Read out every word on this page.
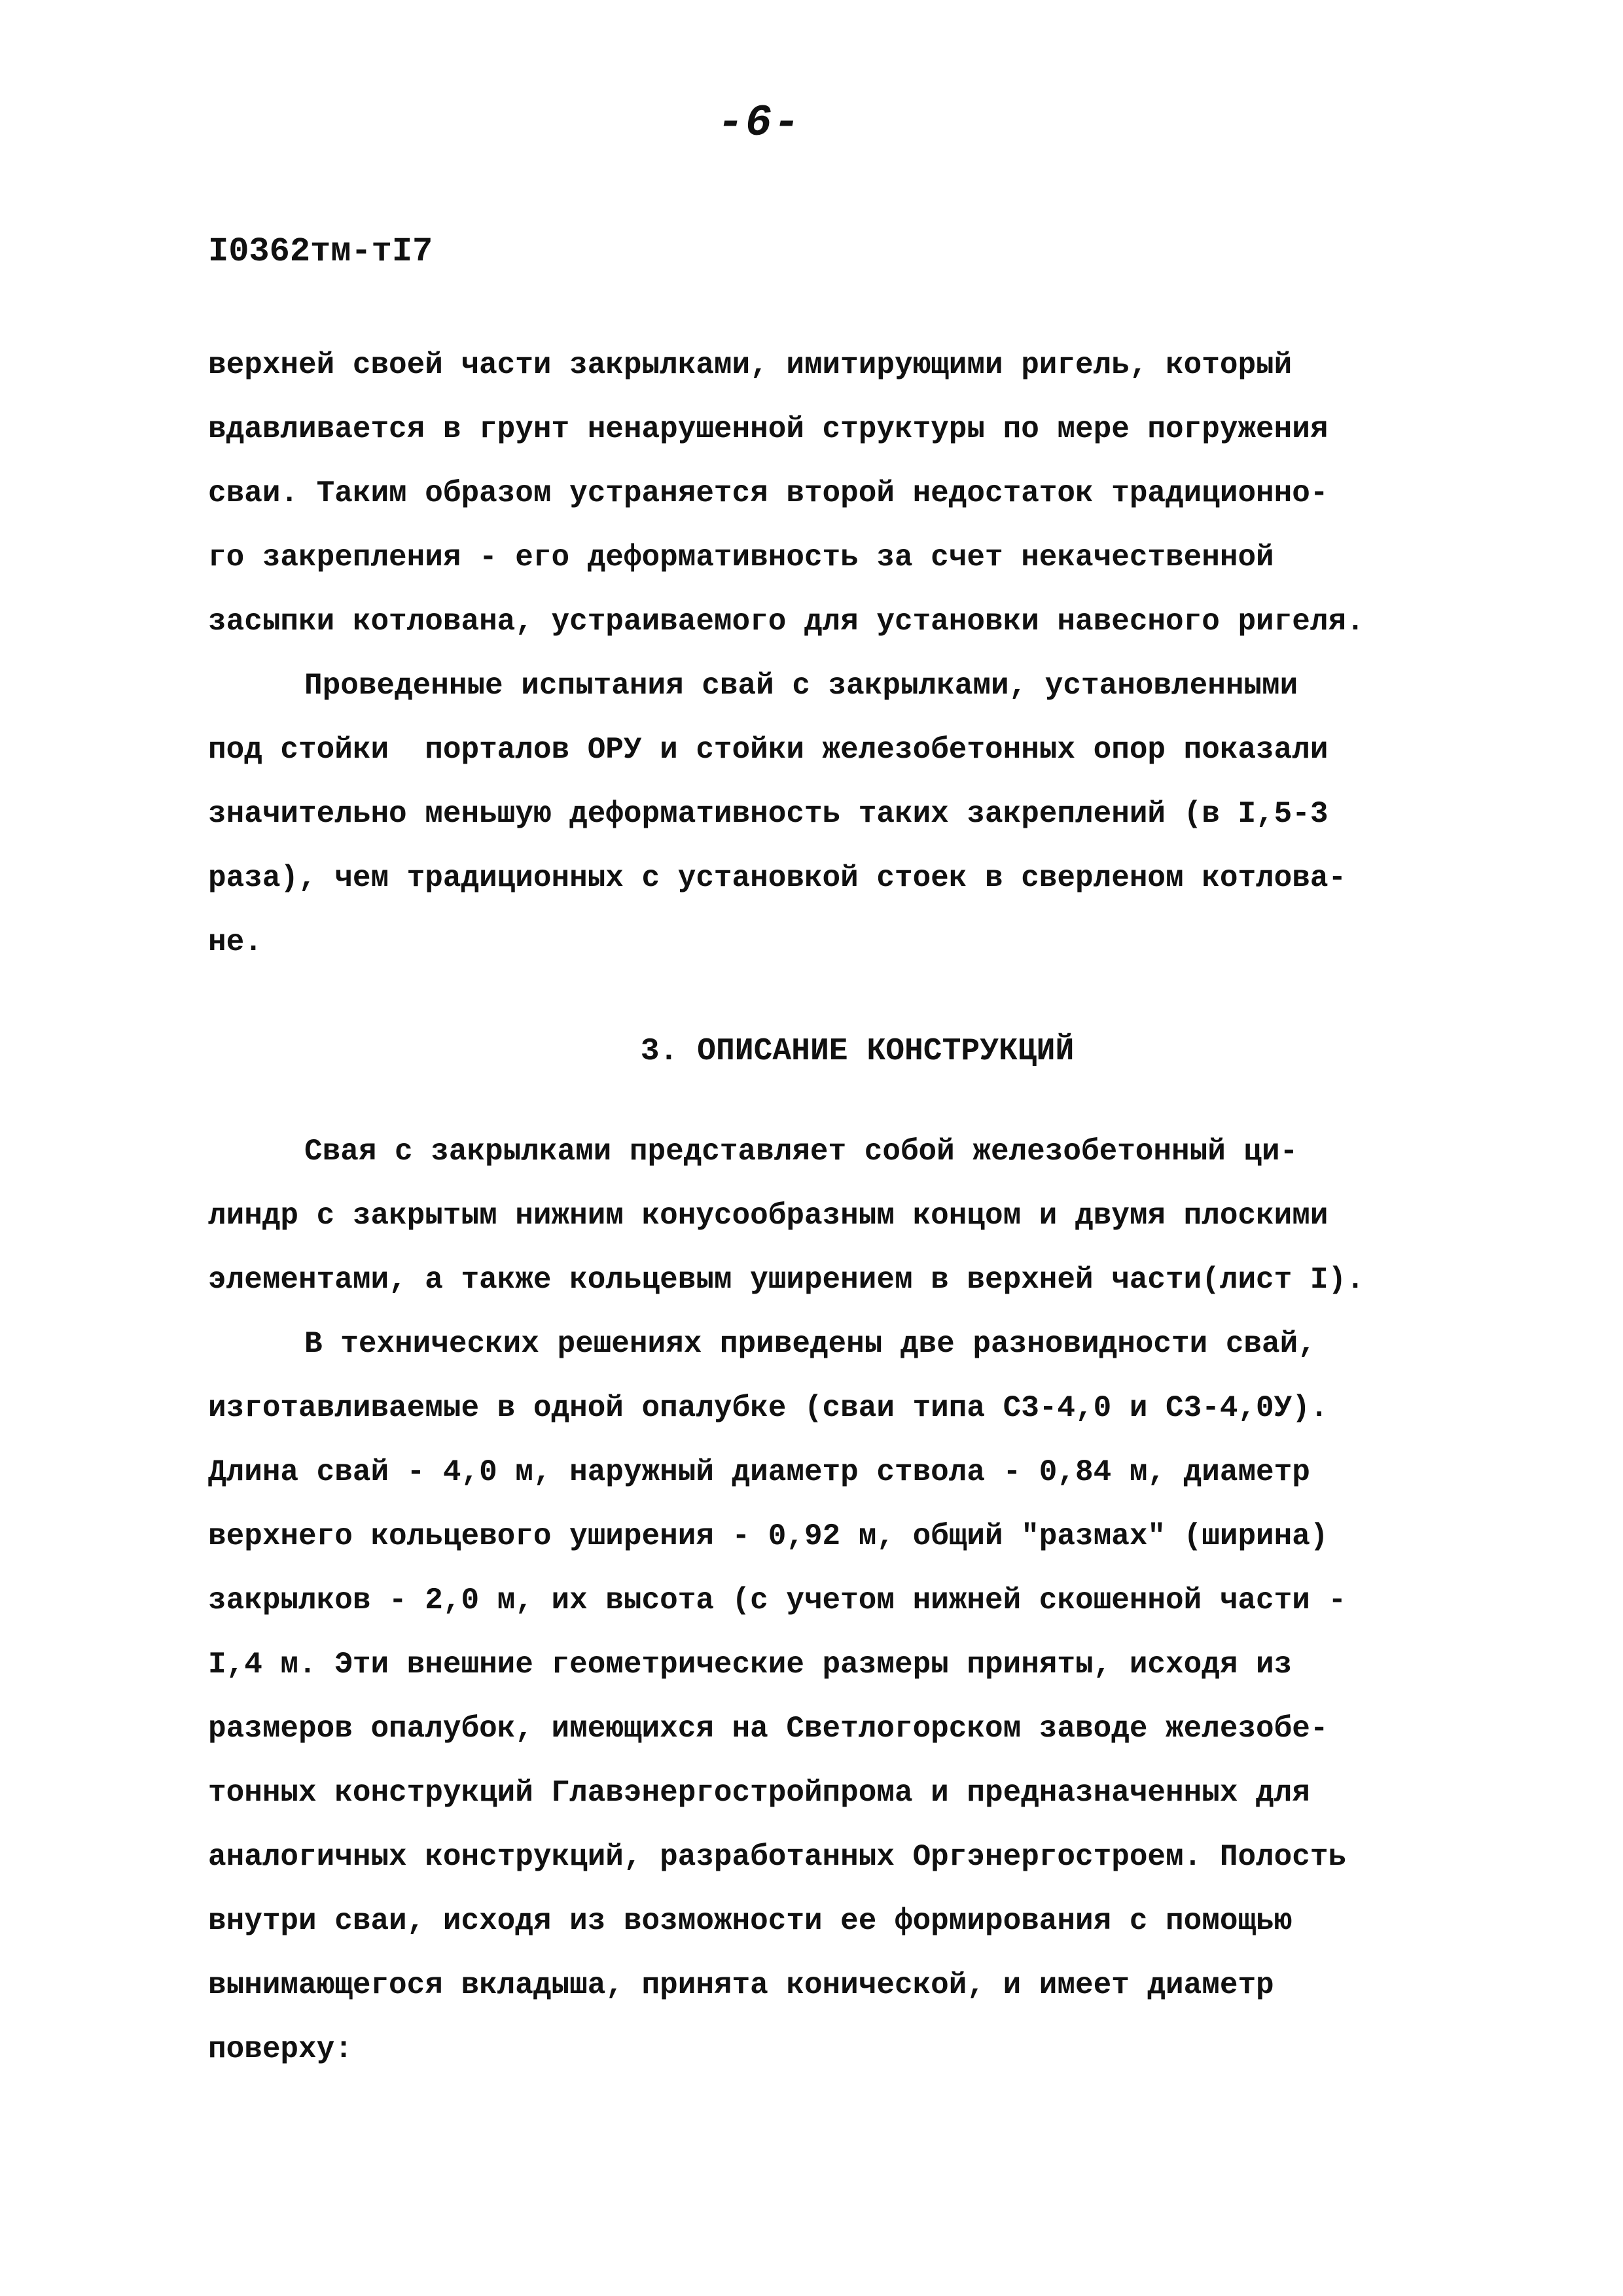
-6-
I0362тм-тI7
верхней своей части закрылками, имитирующими ригель, который
вдавливается в грунт ненарушенной структуры по мере погружения
сваи. Таким образом устраняется второй недостаток традиционно-
го закрепления - его деформативность за счет некачественной
засыпки котлована, устраиваемого для установки навесного ригеля.
Проведенные испытания свай с закрылками, установленными
под стойки  порталов ОРУ и стойки железобетонных опор показали
значительно меньшую деформативность таких закреплений (в I,5-3
раза), чем традиционных с установкой стоек в сверленом котлова-
не.
3. ОПИСАНИЕ КОНСТРУКЦИЙ
Свая с закрылками представляет собой железобетонный ци-
линдр с закрытым нижним конусообразным концом и двумя плоскими
элементами, а также кольцевым уширением в верхней части(лист I).
В технических решениях приведены две разновидности свай,
изготавливаемые в одной опалубке (сваи типа С3-4,0 и С3-4,0У).
Длина свай - 4,0 м, наружный диаметр ствола - 0,84 м, диаметр
верхнего кольцевого уширения - 0,92 м, общий "размах" (ширина)
закрылков - 2,0 м, их высота (с учетом нижней скошенной части -
I,4 м. Эти внешние геометрические размеры приняты, исходя из
размеров опалубок, имеющихся на Светлогорском заводе железобе-
тонных конструкций Главэнергостройпрома и предназначенных для
аналогичных конструкций, разработанных Оргэнергостроем. Полость
внутри сваи, исходя из возможности ее формирования с помощью
вынимающегося вкладыша, принята конической, и имеет диаметр
поверху:
